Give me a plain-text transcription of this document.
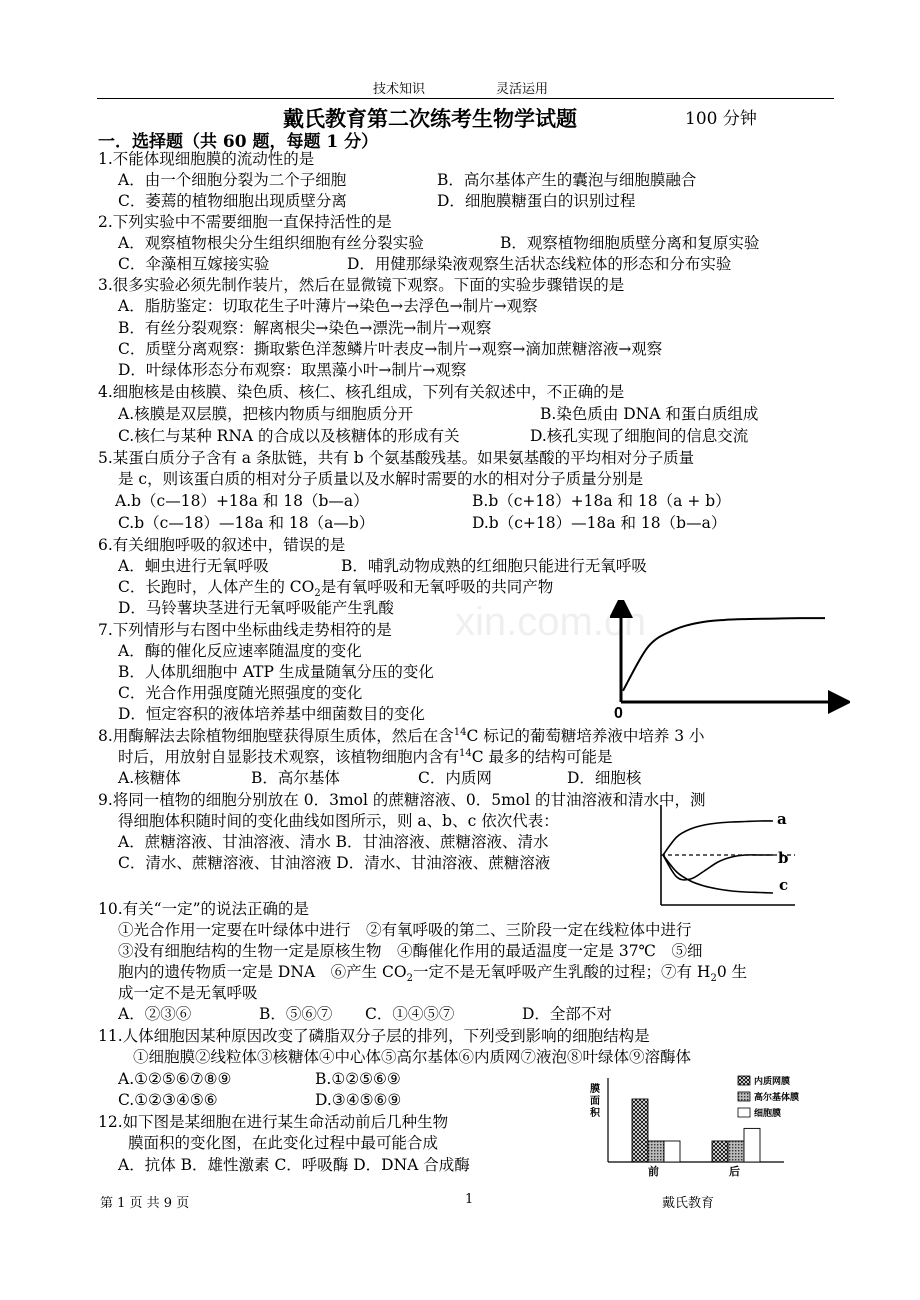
技术知识	灵活运用
戴氏教育第二次练考生物学试题	100 分钟
一．选择题（共 60 题，每题 1 分）
1.不能体现细胞膜的流动性的是
A．由一个细胞分裂为二个子细胞	B．高尔基体产生的囊泡与细胞膜融合
C．萎蔫的植物细胞出现质壁分离	D．细胞膜糖蛋白的识别过程
2.下列实验中不需要细胞一直保持活性的是
A．观察植物根尖分生组织细胞有丝分裂实验	B．观察植物细胞质壁分离和复原实验
C．伞藻相互嫁接实验	D．用健那绿染液观察生活状态线粒体的形态和分布实验
3.很多实验必须先制作装片，然后在显微镜下观察。下面的实验步骤错误的是
A．脂肪鉴定：切取花生子叶薄片→染色→去浮色→制片→观察
B．有丝分裂观察：解离根尖→染色→漂洗→制片→观察
C．质壁分离观察：撕取紫色洋葱鳞片叶表皮→制片→观察→滴加蔗糖溶液→观察
D．叶绿体形态分布观察：取黑藻小叶→制片→观察
4.细胞核是由核膜、染色质、核仁、核孔组成，下列有关叙述中，不正确的是
A.核膜是双层膜，把核内物质与细胞质分开	B.染色质由 DNA 和蛋白质组成
C.核仁与某种 RNA 的合成以及核糖体的形成有关	D.核孔实现了细胞间的信息交流
5.某蛋白质分子含有 a 条肽链，共有 b 个氨基酸残基。如果氨基酸的平均相对分子质量
是 c，则该蛋白质的相对分子质量以及水解时需要的水的相对分子质量分别是
A.b（c—18）+18a 和 18（b—a）	B.b（c+18）+18a 和 18（a + b）
C.b（c—18）—18a 和 18（a—b）	D.b（c+18）—18a 和 18（b—a）
6.有关细胞呼吸的叙述中，错误的是
A．蛔虫进行无氧呼吸	B．哺乳动物成熟的红细胞只能进行无氧呼吸
C．长跑时，人体产生的 $CO_2$是有氧呼吸和无氧呼吸的共同产物
D．马铃薯块茎进行无氧呼吸能产生乳酸
7.下列情形与右图中坐标曲线走势相符的是
A．酶的催化反应速率随温度的变化
B．人体肌细胞中 ATP 生成量随氧分压的变化
C．光合作用强度随光照强度的变化
D．恒定容积的液体培养基中细菌数目的变化	0
8.用酶解法去除植物细胞壁获得原生质体，然后在含$^{14}$C 标记的葡萄糖培养液中培养 3 小
时后，用放射自显影技术观察，该植物细胞内含有$^{14}$C 最多的结构可能是
A.核糖体	B．高尔基体	C．内质网	D．细胞核
9.将同一植物的细胞分别放在 0．3mol 的蔗糖溶液、0．5mol 的甘油溶液和清水中，测
得细胞体积随时间的变化曲线如图所示，则 a、b、c 依次代表：
A．蔗糖溶液、甘油溶液、清水 B．甘油溶液、蔗糖溶液、清水
C．清水、蔗糖溶液、甘油溶液 D．清水、甘油溶液、蔗糖溶液
a
b
c
10.有关“一定”的说法正确的是
①光合作用一定要在叶绿体中进行　②有氧呼吸的第二、三阶段一定在线粒体中进行
③没有细胞结构的生物一定是原核生物　④酶催化作用的最适温度一定是 37℃　⑤细
胞内的遗传物质一定是 DNA　⑥产生 $CO_2$一定不是无氧呼吸产生乳酸的过程；⑦有 $H_20$ 生
成一定不是无氧呼吸
A．②③⑥	B．⑤⑥⑦ C．①④⑤⑦	D．全部不对
11.人体细胞因某种原因改变了磷脂双分子层的排列，下列受到影响的细胞结构是
①细胞膜②线粒体③核糖体④中心体⑤高尔基体⑥内质网⑦液泡⑧叶绿体⑨溶酶体
A.①②⑤⑥⑦⑧⑨	B.①②⑤⑥⑨
C.①②③④⑤⑥	D.③④⑤⑥⑨
12.如下图是某细胞在进行某生命活动前后几种生物
膜面积的变化图，在此变化过程中最可能合成
A．抗体 B．雄性激素 C．呼吸酶 D．DNA 合成酶
膜
面
积
前	后
内质网膜
高尔基体膜
细胞膜
xin.com.cn
第 1 页 共 9 页	1	戴氏教育
